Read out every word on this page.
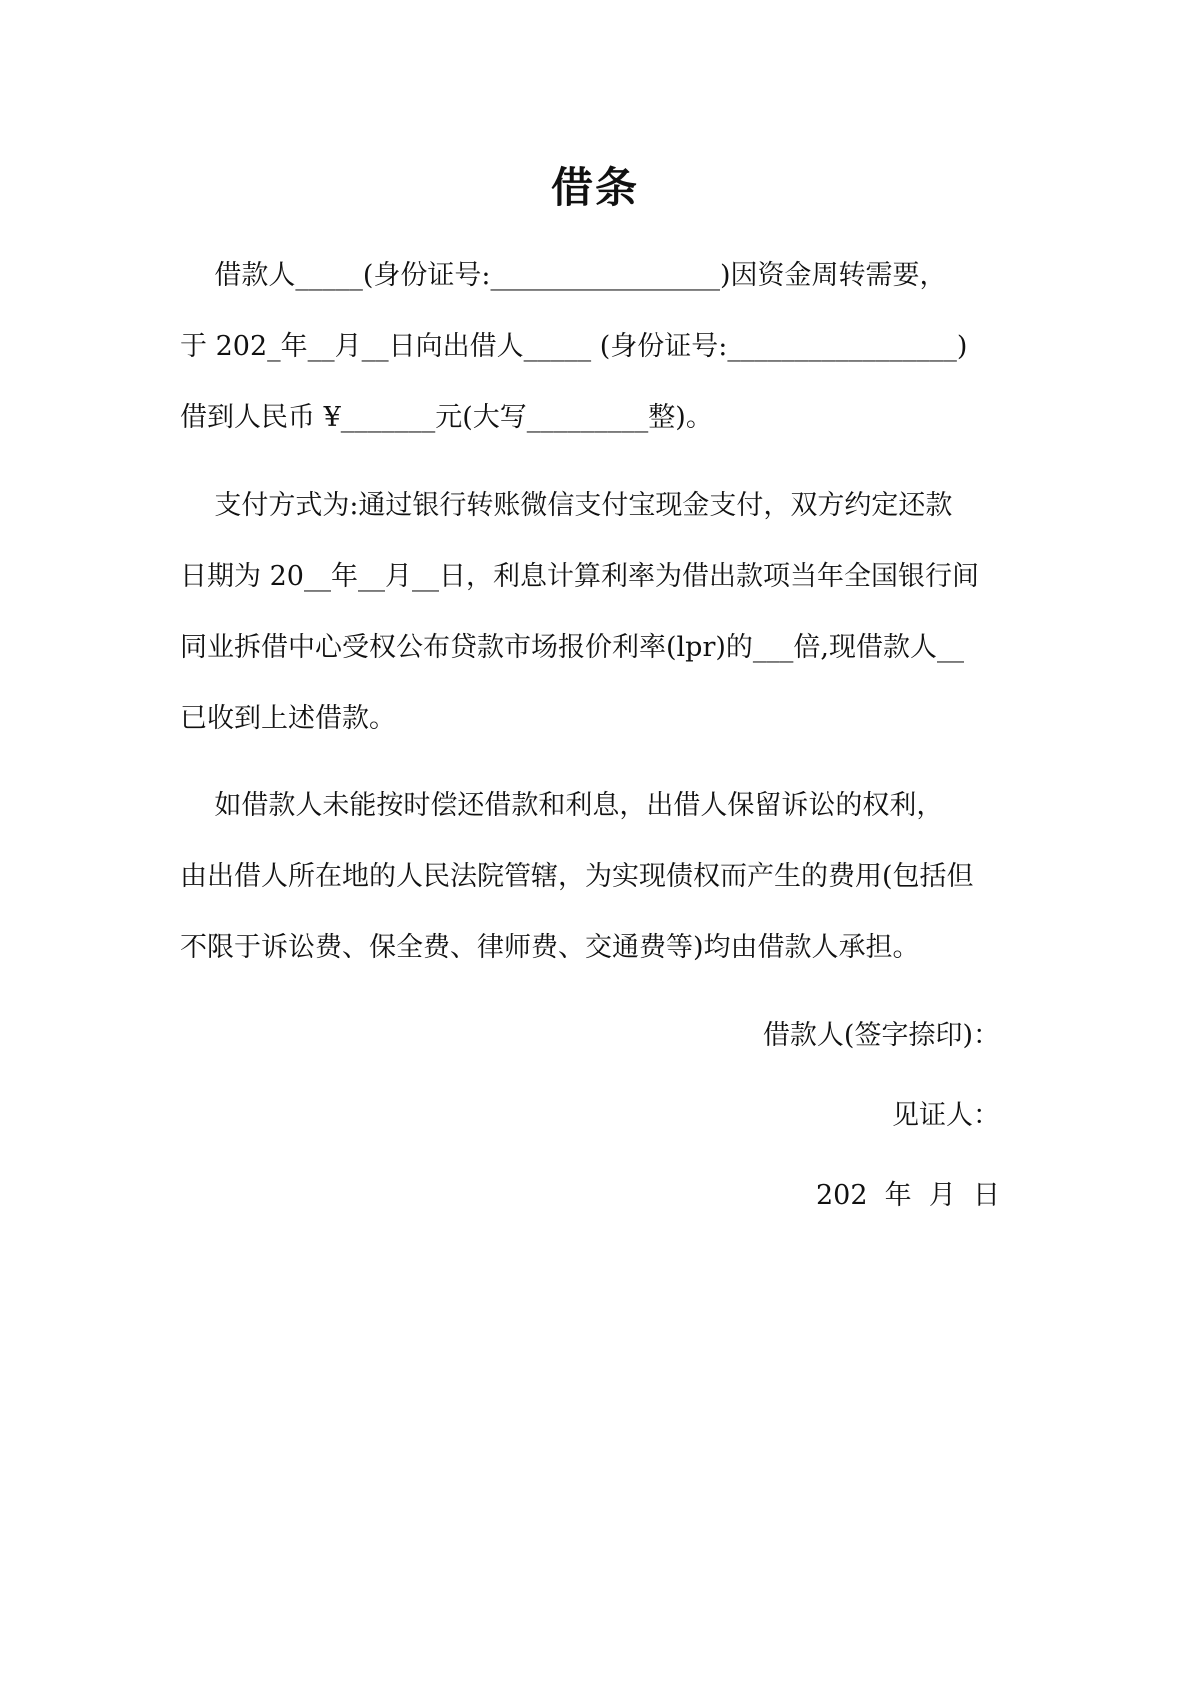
借条
借款人_____(身份证号:_________________)因资金周转需要，
于 202_年__月__日向出借人_____ (身份证号:_________________)
借到人民币 ¥_______元(大写_________整)。
支付方式为:通过银行转账微信支付宝现金支付，双方约定还款
日期为 20__年__月__日，利息计算利率为借出款项当年全国银行间
同业拆借中心受权公布贷款市场报价利率(lpr)的___倍,现借款人__
已收到上述借款。
如借款人未能按时偿还借款和利息，出借人保留诉讼的权利，
由出借人所在地的人民法院管辖，为实现债权而产生的费用(包括但
不限于诉讼费、保全费、律师费、交通费等)均由借款人承担。
借款人(签字捺印)：
见证人：
202  年  月  日
